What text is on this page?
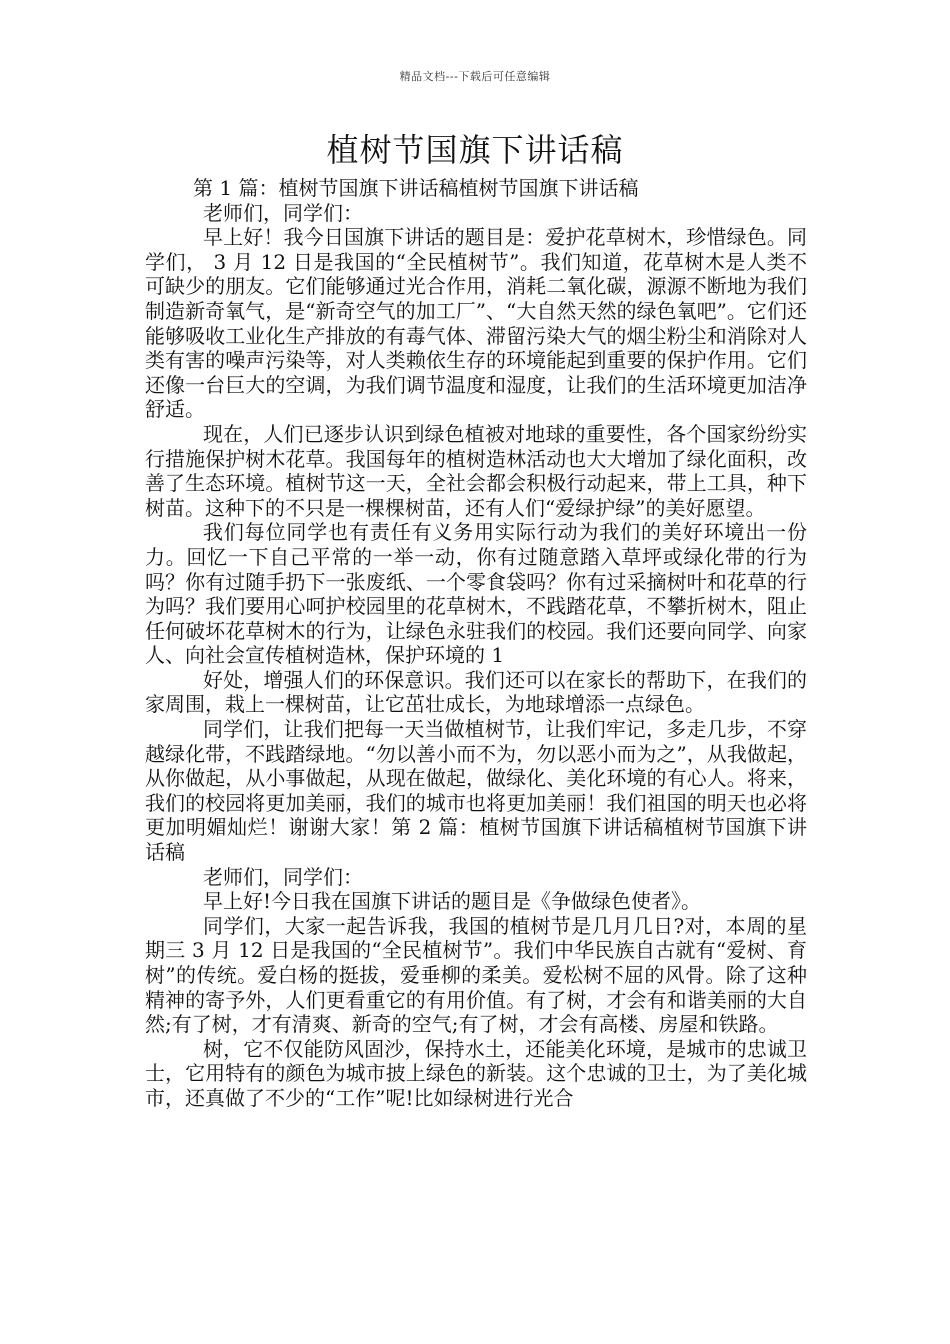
精品文档---下载后可任意编辑
植树节国旗下讲话稿

第 1 篇：植树节国旗下讲话稿植树节国旗下讲话稿

老师们，同学们：

早上好！我今日国旗下讲话的题目是：爱护花草树木，珍惜绿色。同学们， 3 月 12 日是我国的“全民植树节”。我们知道，花草树木是人类不可缺少的朋友。它们能够通过光合作用，消耗二氧化碳，源源不断地为我们制造新奇氧气，是“新奇空气的加工厂”、“大自然天然的绿色氧吧”。它们还能够吸收工业化生产排放的有毒气体、滞留污染大气的烟尘粉尘和消除对人类有害的噪声污染等，对人类赖依生存的环境能起到重要的保护作用。它们还像一台巨大的空调，为我们调节温度和湿度，让我们的生活环境更加洁净舒适。

现在，人们已逐步认识到绿色植被对地球的重要性，各个国家纷纷实行措施保护树木花草。我国每年的植树造林活动也大大增加了绿化面积，改善了生态环境。植树节这一天，全社会都会积极行动起来，带上工具，种下树苗。这种下的不只是一棵棵树苗，还有人们“爱绿护绿”的美好愿望。

我们每位同学也有责任有义务用实际行动为我们的美好环境出一份力。回忆一下自己平常的一举一动，你有过随意踏入草坪或绿化带的行为吗？你有过随手扔下一张废纸、一个零食袋吗？你有过采摘树叶和花草的行为吗？我们要用心呵护校园里的花草树木，不践踏花草，不攀折树木，阻止任何破坏花草树木的行为，让绿色永驻我们的校园。我们还要向同学、向家人、向社会宣传植树造林，保护环境的 1

好处，增强人们的环保意识。我们还可以在家长的帮助下，在我们的家周围，栽上一棵树苗，让它茁壮成长，为地球增添一点绿色。

同学们，让我们把每一天当做植树节，让我们牢记，多走几步，不穿越绿化带，不践踏绿地。“勿以善小而不为，勿以恶小而为之”，从我做起，从你做起，从小事做起，从现在做起，做绿化、美化环境的有心人。将来，我们的校园将更加美丽，我们的城市也将更加美丽！我们祖国的明天也必将更加明媚灿烂！谢谢大家！第 2 篇：植树节国旗下讲话稿植树节国旗下讲话稿

老师们，同学们：

早上好!今日我在国旗下讲话的题目是《争做绿色使者》。

同学们，大家一起告诉我，我国的植树节是几月几日?对，本周的星期三 3 月 12 日是我国的“全民植树节”。我们中华民族自古就有“爱树、育树”的传统。爱白杨的挺拔，爱垂柳的柔美。爱松树不屈的风骨。除了这种精神的寄予外，人们更看重它的有用价值。有了树，才会有和谐美丽的大自然;有了树，才有清爽、新奇的空气;有了树，才会有高楼、房屋和铁路。

树，它不仅能防风固沙，保持水土，还能美化环境，是城市的忠诚卫士，它用特有的颜色为城市披上绿色的新装。这个忠诚的卫士，为了美化城市，还真做了不少的“工作”呢!比如绿树进行光合
